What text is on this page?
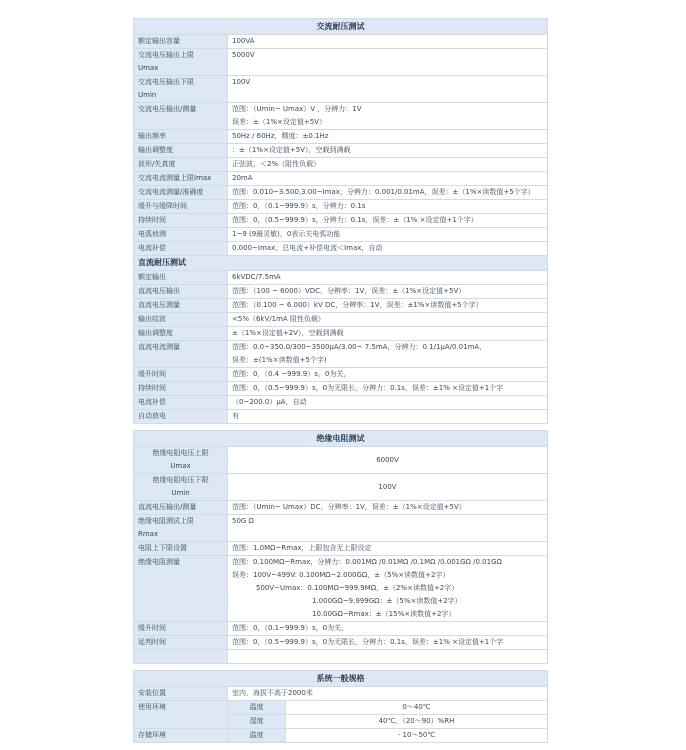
交流耐压测试		
额定输出容量	100VA	

交流电压输出上限
Umax	5000V	

交流电压输出下限
Umin	100V	

交流电压输出/测量	范围：（Umin~ Umax）V ，分辨力：1V
误差：±（1%×设定值+5V）	

输出频率	50Hz / 60Hz，精度：±0.1Hz	

输出调整度	：±（1%×设定值+5V），空载到满载	

波形/失真度	正弦波，＜2%（阻性负载）	

交流电流测量上限Imax	20mA	

交流电流测量/准确度	范围：0.010~3.500,3.00~Imax，分辨力：0.001/0.01mA，误差：±（1%×读数值+5个字）	

缓升与缓降时间	范围：0，（0.1~999.9）s，分辨力：0.1s	

持续时间	范围：0，（0.5~999.9）s，分辨力：0.1s，误差：±（1% ×设定值+1个字）	

电弧侦测	1~9 (9最灵敏)，0表示关电弧功能	

电流补偿	0.000~Imax，总电流+补偿电流＜Imax，自动	

直流耐压测试		
额定输出	6kVDC/7.5mA	

直流电压输出	范围：（100 ~ 6000）VDC，分辨率：1V，误差：±（1%×设定值+5V）	

直流电压测量	范围：（0.100 ~ 6.000）kV DC，分辨率：1V，误差：±1%×读数值+5个字）	

输出纹波	<5%（6kV/1mA 阻性负载）	

输出调整度	±（1%×设定值+2V），空载到满载	

直流电流测量	范围：0.0~350.0/300~3500μA/3.00~ 7.5mA，分辨力：0.1/1μA/0.01mA，
误差：±(1%×读数值+5个字)	

缓升时间	范围：0，（0.4 ~999.9）s，0为关，	

持续时间	范围：0，（0.5~999.9）s，0为无限长，分辨力：0.1s，误差：±1% ×设定值+1个字	

电流补偿	（0~200.0）μA，自动	

自动放电	有	

绝缘电阻测试		
绝缘电阻电压上限
Umax	6000V	
绝缘电阻电压下限
Umin	100V	
直流电压输出/测量	范围：（Umin~ Umax）DC，分辨率：1V，误差：±（1%×设定值+5V）	
绝缘电阻测试上限
Rmax	50G Ω	
电阻上下限设置	范围：1.0MΩ~Rmax，上限包含无上限设定	
绝缘电阻测量	范围：0.100MΩ~Rmax，分辨力：0.001MΩ /0.01MΩ /0.1MΩ /0.001GΩ /0.01GΩ
误差：100V~499V: 0.100MΩ~2.000GΩ，±（5%×读数值+2字）
500V~Umax：0.100MΩ~999.9MΩ，±（2%×读数值+2字）
1.000GΩ~9.999GΩ：±（5%×读数值+2字）
10.00GΩ~Rmax：±（15%×读数值+2字）	

缓升时间	范围：0，（0.1~999.9）s，0为关，	
延判时间	范围：0，（0.5~999.9）s，0为无限长，分辨力：0.1s，误差：±1% ×设定值+1个字	

系统一般规格		
安装位置	室内，海拔不高于2000米	
使用环境	温度	0～40℃
	湿度	40℃，（20～90）%RH
存储环境	温度	- 10～50℃
